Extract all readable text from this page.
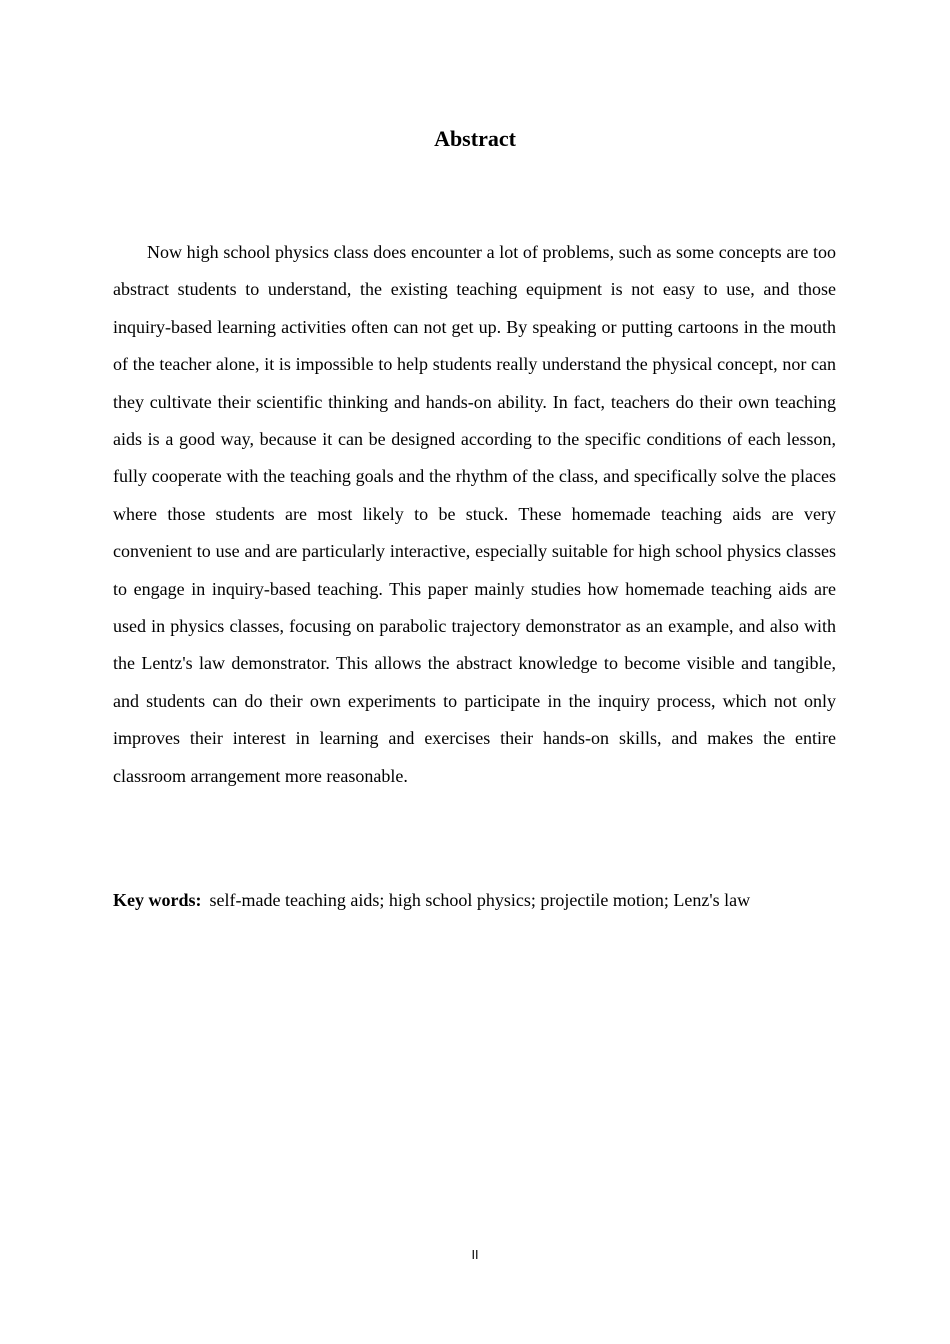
Abstract

Now high school physics class does encounter a lot of problems, such as some concepts are too abstract students to understand, the existing teaching equipment is not easy to use, and those inquiry-based learning activities often can not get up. By speaking or putting cartoons in the mouth of the teacher alone, it is impossible to help students really understand the physical concept, nor can they cultivate their scientific thinking and hands-on ability. In fact, teachers do their own teaching aids is a good way, because it can be designed according to the specific conditions of each lesson, fully cooperate with the teaching goals and the rhythm of the class, and specifically solve the places where those students are most likely to be stuck. These homemade teaching aids are very convenient to use and are particularly interactive, especially suitable for high school physics classes to engage in inquiry-based teaching. This paper mainly studies how homemade teaching aids are used in physics classes, focusing on parabolic trajectory demonstrator as an example, and also with the Lentz's law demonstrator. This allows the abstract knowledge to become visible and tangible, and students can do their own experiments to participate in the inquiry process, which not only improves their interest in learning and exercises their hands-on skills, and makes the entire classroom arrangement more reasonable.

Key words: self-made teaching aids; high school physics; projectile motion; Lenz's law

II
